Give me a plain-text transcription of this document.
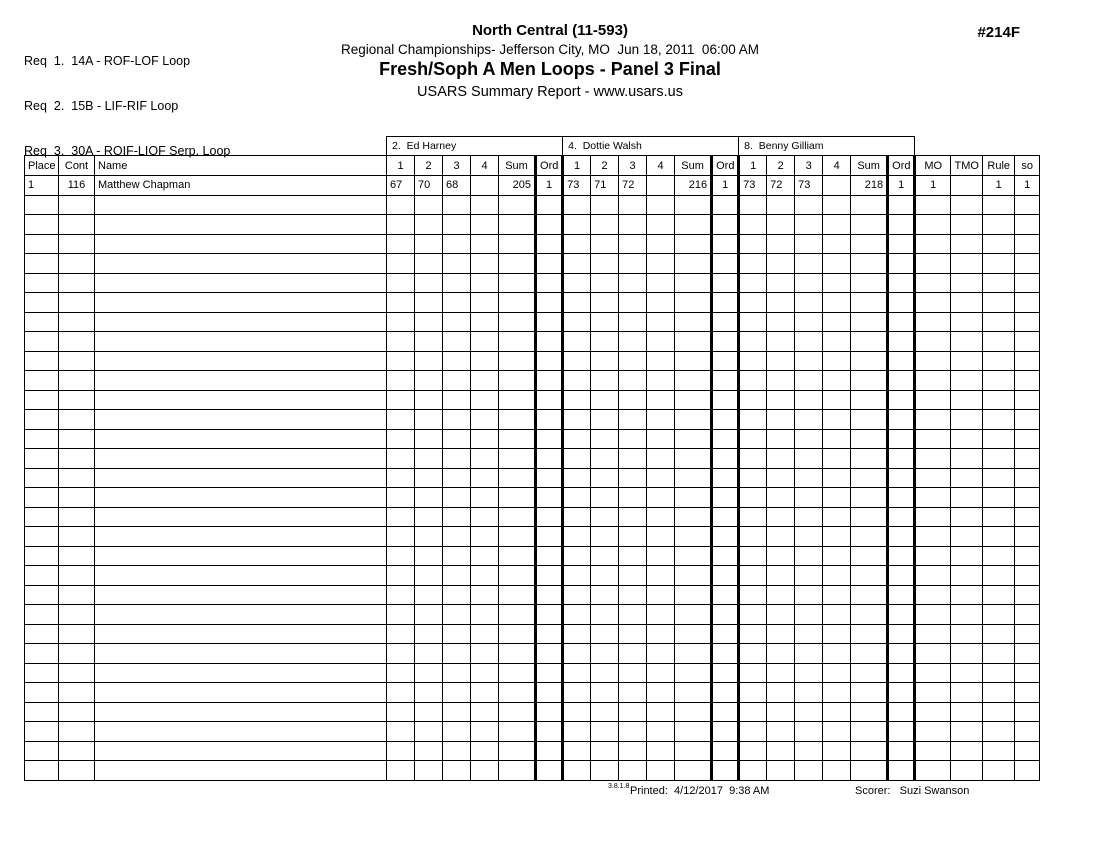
Req  1.  14A - ROF-LOF Loop

Req  2.  15B - LIF-RIF Loop

Req  3.  30A - ROIF-LIOF Serp. Loop

North Central (11-593)
Regional Championships- Jefferson City, MO  Jun 18, 2011  06:00 AM
Fresh/Soph A Men Loops - Panel 3 Final
USARS Summary Report - www.usars.us
#214F
			2.  Ed Harney						4.  Dottie Walsh						8.  Benny Gilliam									
Place	Cont	Name	1	2	3	4	Sum	Ord	1	2	3	4	Sum	Ord	1	2	3	4	Sum	Ord	MO	TMO	Rule	so
1	116	Matthew Chapman	67	70	68		205	1	73	71	72		216	1	73	72	73		218	1	1		1	1

3.8.1.8 Printed:  4/12/2017  9:38 AM	Scorer:   Suzi Swanson
